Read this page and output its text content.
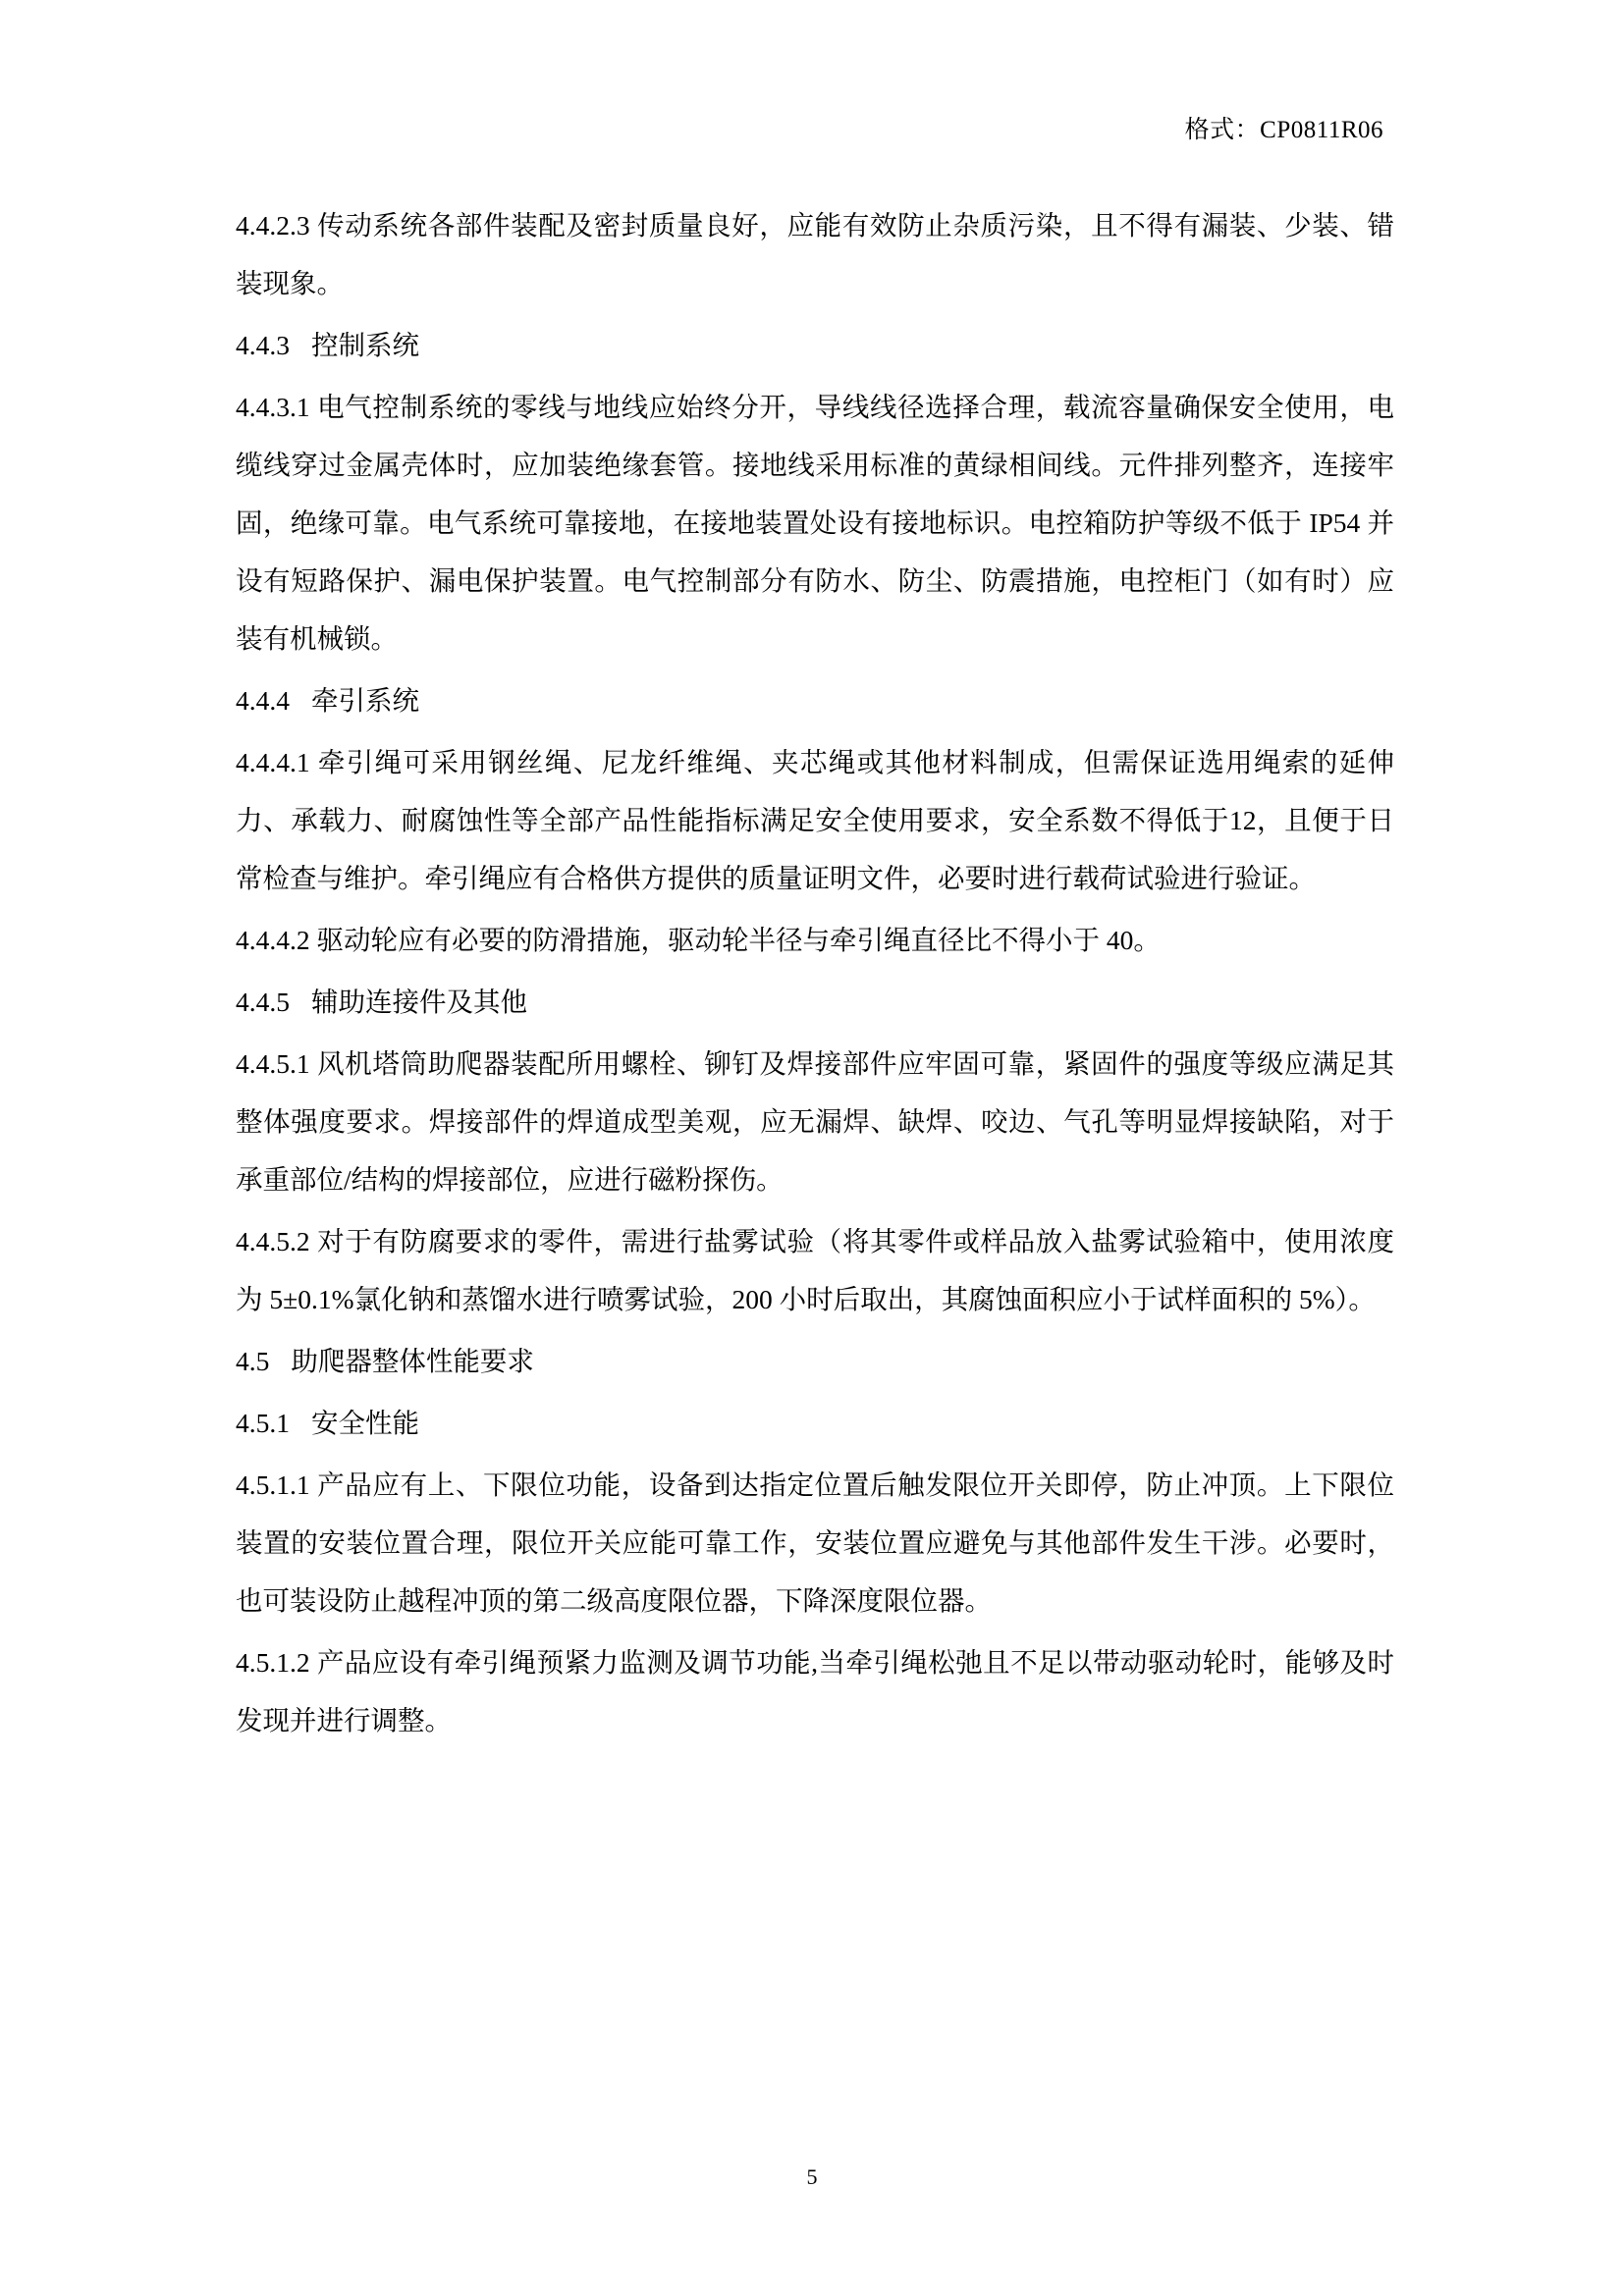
格式：CP0811R06

4.4.2.3 传动系统各部件装配及密封质量良好，应能有效防止杂质污染，且不得有漏装、少装、错装现象。

4.4.3 控制系统

4.4.3.1 电气控制系统的零线与地线应始终分开，导线线径选择合理，载流容量确保安全使用，电缆线穿过金属壳体时，应加装绝缘套管。接地线采用标准的黄绿相间线。元件排列整齐，连接牢固，绝缘可靠。电气系统可靠接地，在接地装置处设有接地标识。电控箱防护等级不低于 IP54 并设有短路保护、漏电保护装置。电气控制部分有防水、防尘、防震措施，电控柜门（如有时）应装有机械锁。

4.4.4 牵引系统

4.4.4.1 牵引绳可采用钢丝绳、尼龙纤维绳、夹芯绳或其他材料制成，但需保证选用绳索的延伸力、承载力、耐腐蚀性等全部产品性能指标满足安全使用要求，安全系数不得低于12，且便于日常检查与维护。牵引绳应有合格供方提供的质量证明文件，必要时进行载荷试验进行验证。

4.4.4.2 驱动轮应有必要的防滑措施，驱动轮半径与牵引绳直径比不得小于 40。

4.4.5 辅助连接件及其他

4.4.5.1 风机塔筒助爬器装配所用螺栓、铆钉及焊接部件应牢固可靠，紧固件的强度等级应满足其整体强度要求。焊接部件的焊道成型美观，应无漏焊、缺焊、咬边、气孔等明显焊接缺陷，对于承重部位/结构的焊接部位，应进行磁粉探伤。

4.4.5.2 对于有防腐要求的零件，需进行盐雾试验（将其零件或样品放入盐雾试验箱中，使用浓度为 5±0.1%氯化钠和蒸馏水进行喷雾试验，200 小时后取出，其腐蚀面积应小于试样面积的 5%）。

4.5 助爬器整体性能要求

4.5.1 安全性能

4.5.1.1 产品应有上、下限位功能，设备到达指定位置后触发限位开关即停，防止冲顶。上下限位装置的安装位置合理，限位开关应能可靠工作，安装位置应避免与其他部件发生干涉。必要时，也可装设防止越程冲顶的第二级高度限位器，下降深度限位器。

4.5.1.2 产品应设有牵引绳预紧力监测及调节功能,当牵引绳松弛且不足以带动驱动轮时，能够及时发现并进行调整。

5
